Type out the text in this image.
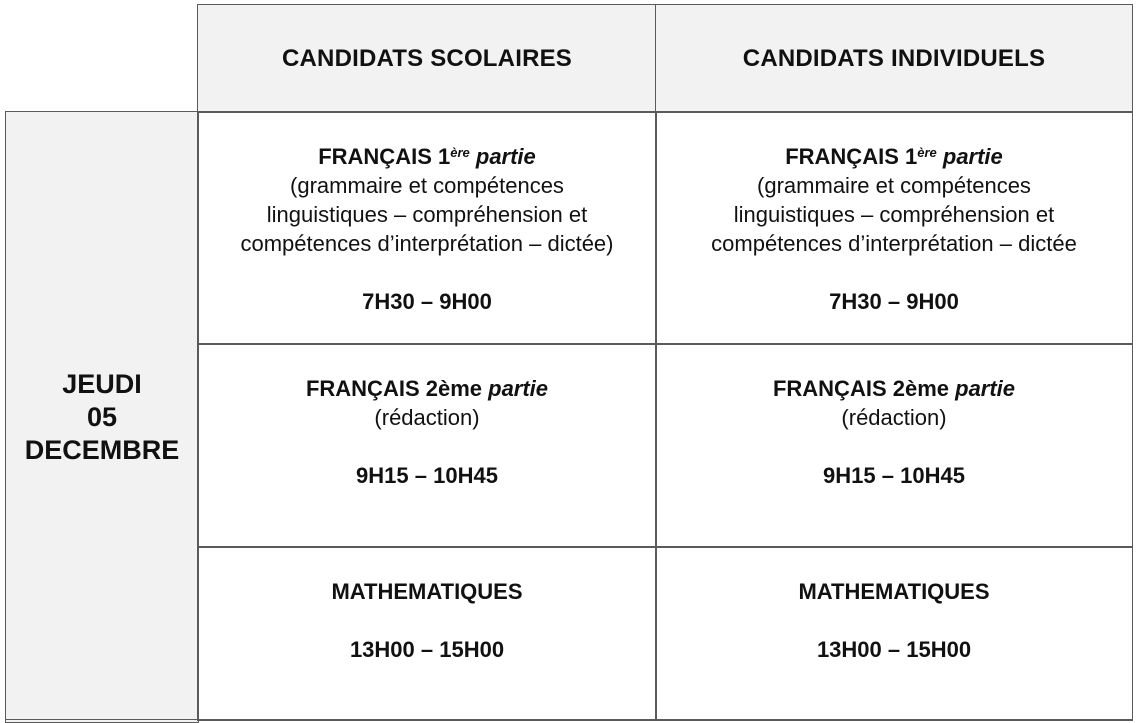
CANDIDATS SCOLAIRES	CANDIDATS INDIVIDUELS
JEUDI
05
DECEMBRE
FRANÇAIS 1ère partie
(grammaire et compétences
linguistiques – compréhension et
compétences d’interprétation – dictée)
7H30 – 9H00
FRANÇAIS 1ère partie
(grammaire et compétences
linguistiques – compréhension et
compétences d’interprétation – dictée
7H30 – 9H00
FRANÇAIS 2ème partie
(rédaction)
9H15 – 10H45
FRANÇAIS 2ème partie
(rédaction)
9H15 – 10H45
MATHEMATIQUES
13H00 – 15H00
MATHEMATIQUES
13H00 – 15H00
